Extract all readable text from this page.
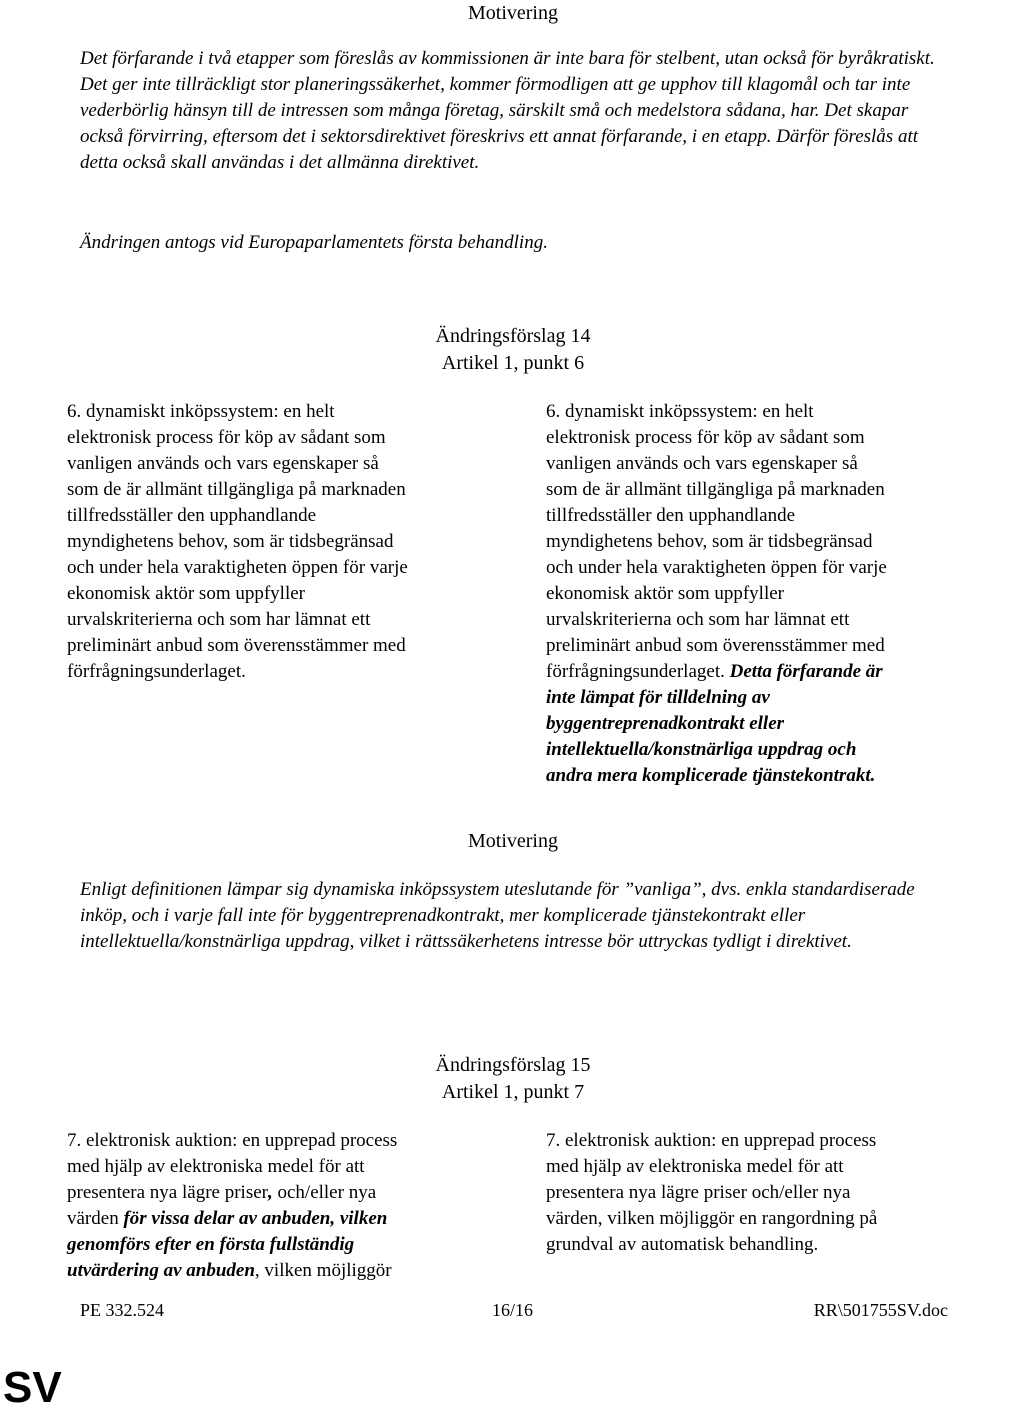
Motivering
Det förfarande i två etapper som föreslås av kommissionen är inte bara för stelbent, utan också för byråkratiskt. Det ger inte tillräckligt stor planeringssäkerhet, kommer förmodligen att ge upphov till klagomål och tar inte vederbörlig hänsyn till de intressen som många företag, särskilt små och medelstora sådana, har. Det skapar också förvirring, eftersom det i sektorsdirektivet föreskrivs ett annat förfarande, i en etapp. Därför föreslås att detta också skall användas i det allmänna direktivet.
Ändringen antogs vid Europaparlamentets första behandling.
Ändringsförslag 14
Artikel 1, punkt 6
6. dynamiskt inköpssystem: en helt
elektronisk process för köp av sådant som
vanligen används och vars egenskaper så
som de är allmänt tillgängliga på marknaden
tillfredsställer den upphandlande
myndighetens behov, som är tidsbegränsad
och under hela varaktigheten öppen för varje
ekonomisk aktör som uppfyller
urvalskriterierna och som har lämnat ett
preliminärt anbud som överensstämmer med
förfrågningsunderlaget.
6. dynamiskt inköpssystem: en helt
elektronisk process för köp av sådant som
vanligen används och vars egenskaper så
som de är allmänt tillgängliga på marknaden
tillfredsställer den upphandlande
myndighetens behov, som är tidsbegränsad
och under hela varaktigheten öppen för varje
ekonomisk aktör som uppfyller
urvalskriterierna och som har lämnat ett
preliminärt anbud som överensstämmer med
förfrågningsunderlaget. Detta förfarande är
inte lämpat för tilldelning av
byggentreprenadkontrakt eller
intellektuella/konstnärliga uppdrag och
andra mera komplicerade tjänstekontrakt.
Motivering
Enligt definitionen lämpar sig dynamiska inköpssystem uteslutande för ”vanliga”, dvs. enkla standardiserade inköp, och i varje fall inte för byggentreprenadkontrakt, mer komplicerade tjänstekontrakt eller intellektuella/konstnärliga uppdrag, vilket i rättssäkerhetens intresse bör uttryckas tydligt i direktivet.
Ändringsförslag 15
Artikel 1, punkt 7
7. elektronisk auktion: en upprepad process
med hjälp av elektroniska medel för att
presentera nya lägre priser, och/eller nya
värden för vissa delar av anbuden, vilken
genomförs efter en första fullständig
utvärdering av anbuden, vilken möjliggör
7. elektronisk auktion: en upprepad process
med hjälp av elektroniska medel för att
presentera nya lägre priser och/eller nya
värden, vilken möjliggör en rangordning på
grundval av automatisk behandling.
PE 332.524	16/16	RR\501755SV.doc
SV
